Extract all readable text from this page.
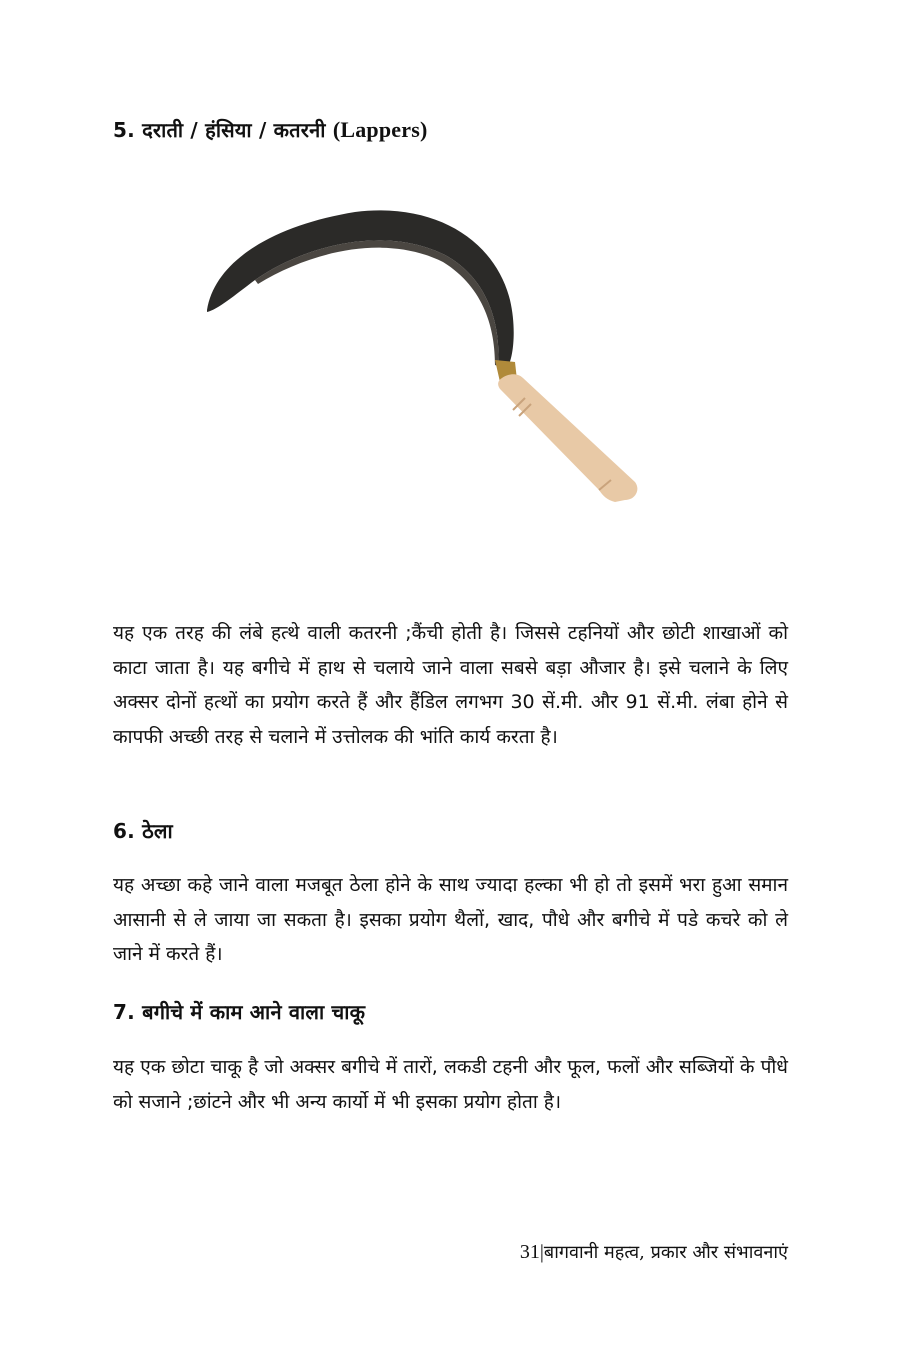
5. दराती / हंसिया / कतरनी (Lappers)

यह एक तरह की लंबे हत्थे वाली कतरनी ;कैंची होती है। जिससे टहनियों और छोटी शाखाओं को काटा जाता है। यह बगीचे में हाथ से चलाये जाने वाला सबसे बड़ा औजार है। इसे चलाने के लिए अक्सर दोनों हत्थों का प्रयोग करते हैं और हैंडिल लगभग 30 सें.मी. और 91 सें.मी. लंबा होने से कापफी अच्छी तरह से चलाने में उत्तोलक की भांति कार्य करता है।

6. ठेला

यह अच्छा कहे जाने वाला मजबूत ठेला होने के साथ ज्यादा हल्का भी हो तो इसमें भरा हुआ समान आसानी से ले जाया जा सकता है। इसका प्रयोग थैलों, खाद, पौधे और बगीचे में पडे कचरे को ले जाने में करते हैं।

7. बगीचे में काम आने वाला चाकू

यह एक छोटा चाकू है जो अक्सर बगीचे में तारों, लकडी टहनी और फूल, फलों और सब्जियों के पौधे को सजाने ;छांटने और भी अन्य कार्यो में भी इसका प्रयोग होता है।

31|बागवानी महत्व, प्रकार और संभावनाएं
